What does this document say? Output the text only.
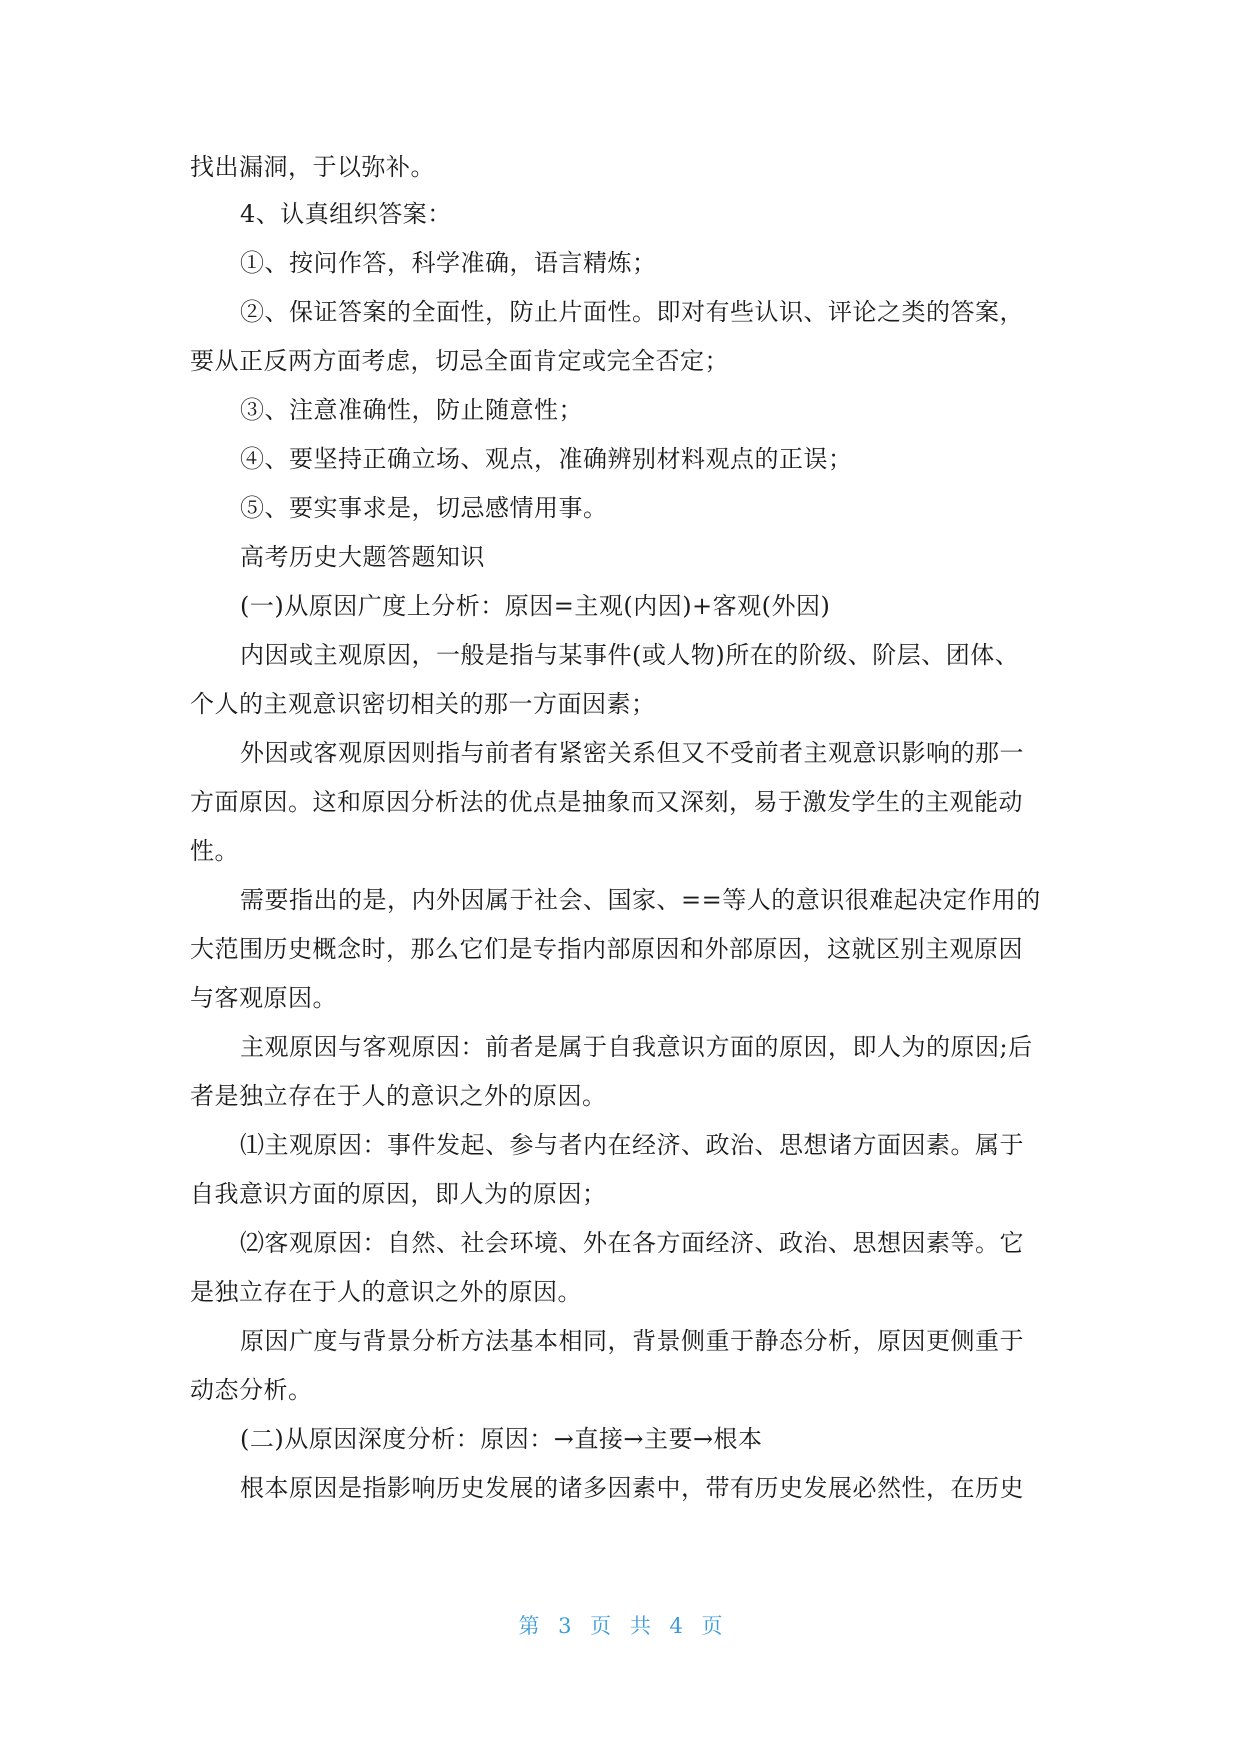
找出漏洞，于以弥补。
4、认真组织答案：
①、按问作答，科学准确，语言精炼；
②、保证答案的全面性，防止片面性。即对有些认识、评论之类的答案，
要从正反两方面考虑，切忌全面肯定或完全否定；
③、注意准确性，防止随意性；
④、要坚持正确立场、观点，准确辨别材料观点的正误；
⑤、要实事求是，切忌感情用事。
高考历史大题答题知识
(一)从原因广度上分析：原因=主观(内因)+客观(外因)
内因或主观原因，一般是指与某事件(或人物)所在的阶级、阶层、团体、
个人的主观意识密切相关的那一方面因素；
外因或客观原因则指与前者有紧密关系但又不受前者主观意识影响的那一
方面原因。这和原因分析法的优点是抽象而又深刻，易于激发学生的主观能动
性。
需要指出的是，内外因属于社会、国家、==等人的意识很难起决定作用的
大范围历史概念时，那么它们是专指内部原因和外部原因，这就区别主观原因
与客观原因。
主观原因与客观原因：前者是属于自我意识方面的原因，即人为的原因;后
者是独立存在于人的意识之外的原因。
⑴主观原因：事件发起、参与者内在经济、政治、思想诸方面因素。属于
自我意识方面的原因，即人为的原因；
⑵客观原因：自然、社会环境、外在各方面经济、政治、思想因素等。它
是独立存在于人的意识之外的原因。
原因广度与背景分析方法基本相同，背景侧重于静态分析，原因更侧重于
动态分析。
(二)从原因深度分析：原因：→直接→主要→根本
根本原因是指影响历史发展的诸多因素中，带有历史发展必然性，在历史
第 3 页 共 4 页
